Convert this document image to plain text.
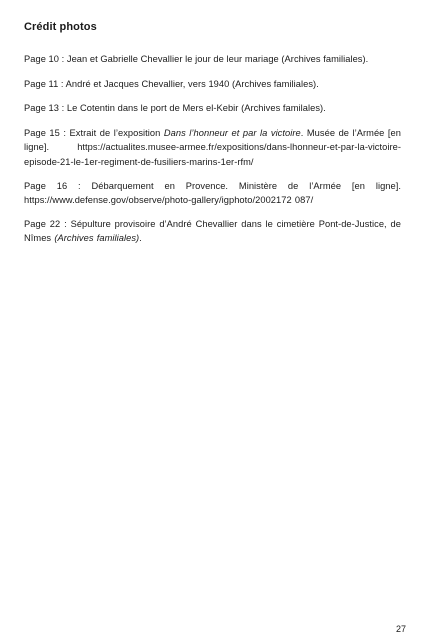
Crédit photos

Page 10 : Jean et Gabrielle Chevallier le jour de leur mariage (Archives familiales).

Page 11 : André et Jacques Chevallier, vers 1940 (Archives familiales).

Page 13 : Le Cotentin dans le port de Mers el-Kebir (Archives familales).

Page 15 : Extrait de l’exposition Dans l’honneur et par la victoire. Musée de l’Armée [en ligne]. https://actualites.musee-armee.fr/expositions/dans-lhonneur-et-par-la-victoire-episode-21-le-1er-regiment-de-fusiliers-marins-1er-rfm/

Page 16 : Débarquement en Provence. Ministère de l’Armée [en ligne]. https://www.defense.gov/observe/photo-gallery/igphoto/2002172 087/

Page 22 : Sépulture provisoire d’André Chevallier dans le cimetière Pont-de-Justice, de Nîmes (Archives familiales).

27
